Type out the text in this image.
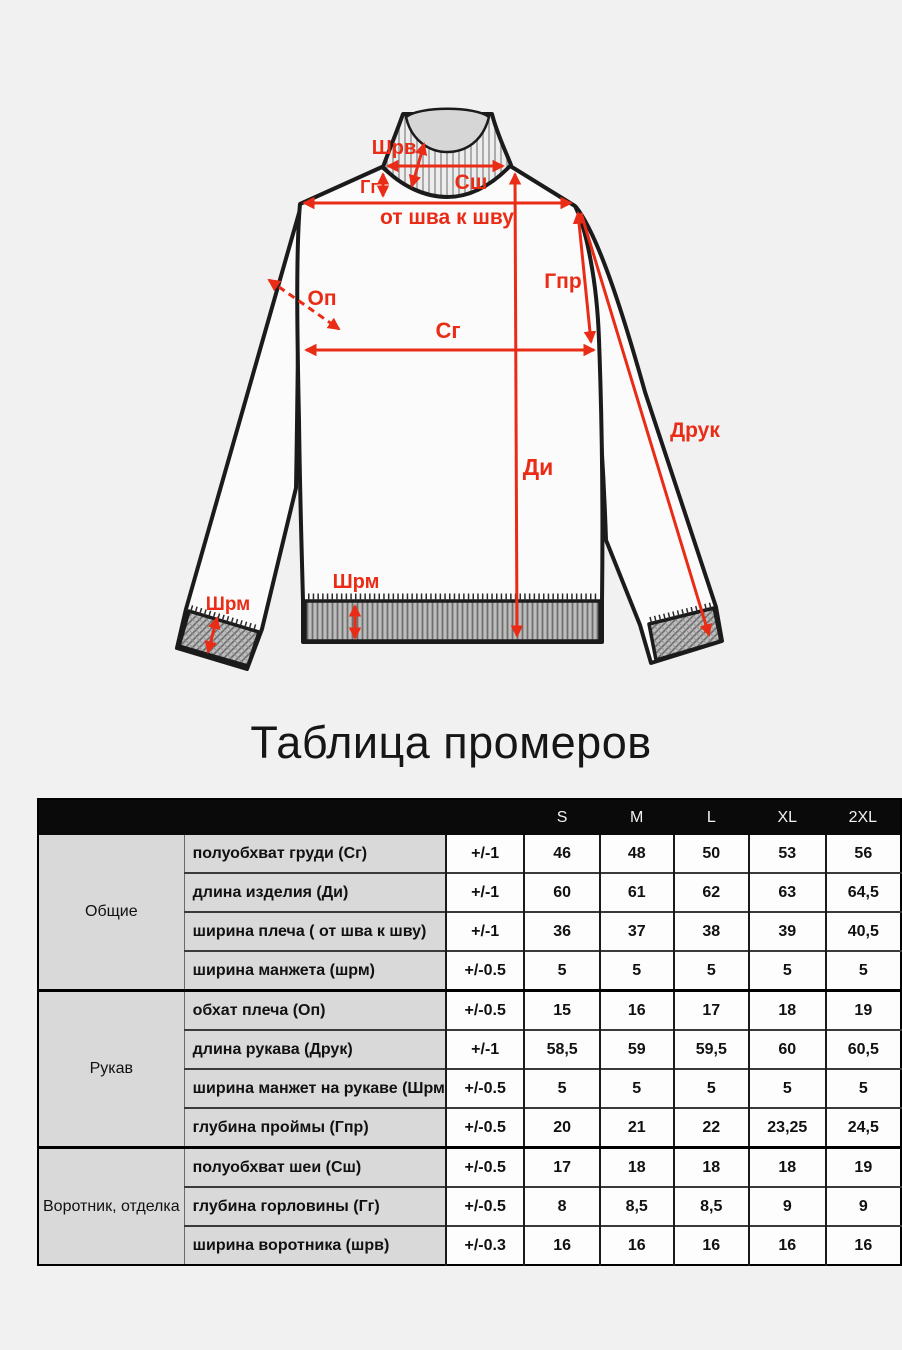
Шрв
Сш
Гг
от шва к шву
Гпр
Оп
Сг
Ди
Друк
Шрм
Шрм
Таблица промеров
			S	M	L	XL	2XL
Общие	полуобхват груди (Сг)	+/-1	46	48	50	53	56
	длина изделия (Ди)	+/-1	60	61	62	63	64,5
	ширина плеча ( от шва к шву)	+/-1	36	37	38	39	40,5
	ширина манжета (шрм)	+/-0.5	5	5	5	5	5
Рукав	обхат плеча (Оп)	+/-0.5	15	16	17	18	19
	длина рукава (Друк)	+/-1	58,5	59	59,5	60	60,5
	ширина манжет на рукаве (Шрм	+/-0.5	5	5	5	5	5
	глубина проймы (Гпр)	+/-0.5	20	21	22	23,25	24,5
Воротник, отделка	полуобхват шеи (Сш)	+/-0.5	17	18	18	18	19
	глубина горловины (Гг)	+/-0.5	8	8,5	8,5	9	9
	ширина воротника (шрв)	+/-0.3	16	16	16	16	16
